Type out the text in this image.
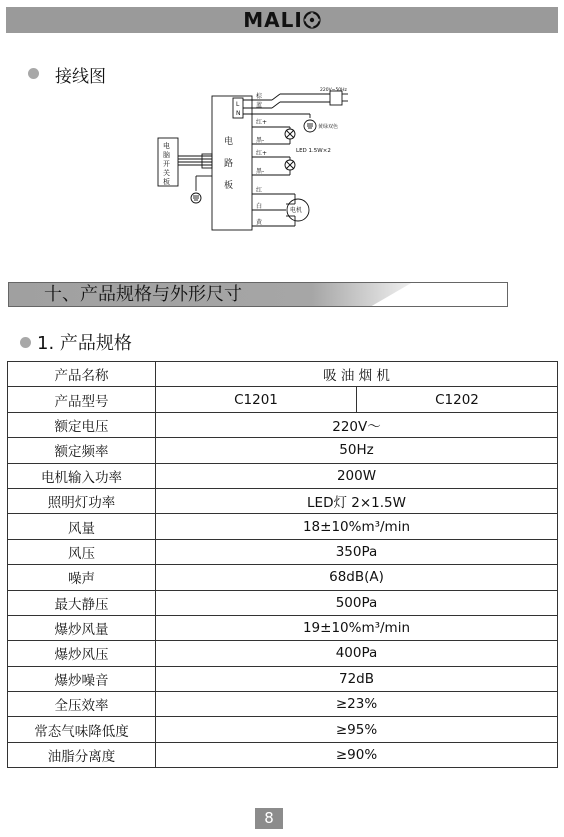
MALI
接线图
L
N
棕
蓝
220V~50Hz
黄绿双色
红+
黑-
红+
黑-
LED 1.5W×2
红
白
黄
电机
电
路
板
电
脑
开
关
板
十、产品规格与外形尺寸
1. 产品规格
产品名称	吸 油 烟 机	
产品型号	C1201	C1202
额定电压	220V～	
额定频率	50Hz	
电机输入功率	200W	
照明灯功率	LED灯 2×1.5W	
风量	18±10%m³/min	
风压	350Pa	
噪声	68dB(A)	
最大静压	500Pa	
爆炒风量	19±10%m³/min	
爆炒风压	400Pa	
爆炒噪音	72dB	
全压效率	≥23%	
常态气味降低度	≥95%	
油脂分离度	≥90%	
8
